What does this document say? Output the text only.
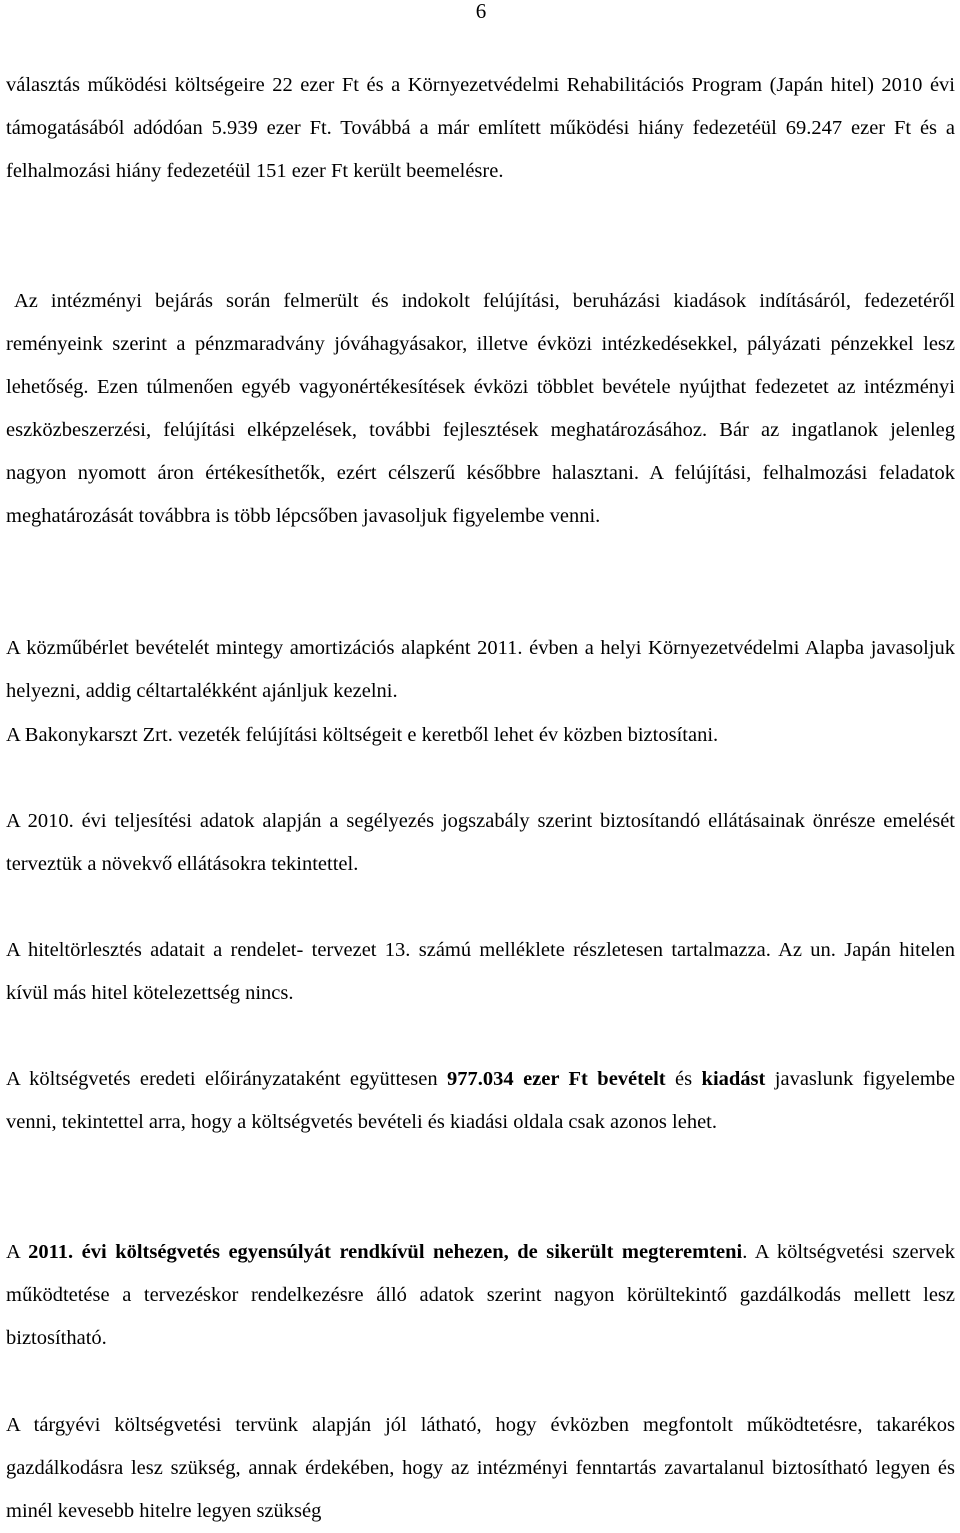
6

választás működési költségeire 22 ezer Ft és a Környezetvédelmi Rehabilitációs Program (Japán hitel) 2010 évi támogatásából adódóan 5.939 ezer Ft. Továbbá a már említett működési hiány fedezetéül 69.247 ezer Ft és a felhalmozási hiány fedezetéül 151 ezer Ft került beemelésre.

Az intézményi bejárás során felmerült és indokolt felújítási, beruházási kiadások indításáról, fedezetéről reményeink szerint a pénzmaradvány jóváhagyásakor, illetve évközi intézkedésekkel, pályázati pénzekkel lesz lehetőség. Ezen túlmenően egyéb vagyonértékesítések évközi többlet bevétele nyújthat fedezetet az intézményi eszközbeszerzési, felújítási elképzelések, további fejlesztések meghatározásához. Bár az ingatlanok jelenleg nagyon nyomott áron értékesíthetők, ezért célszerű későbbre halasztani. A felújítási, felhalmozási feladatok meghatározását továbbra is több lépcsőben javasoljuk figyelembe venni.

A közműbérlet bevételét mintegy amortizációs alapként 2011. évben a helyi Környezetvédelmi Alapba javasoljuk helyezni, addig céltartalékként ajánljuk kezelni.

A Bakonykarszt Zrt. vezeték felújítási költségeit e keretből lehet év közben biztosítani.

A 2010. évi teljesítési adatok alapján a segélyezés jogszabály szerint biztosítandó ellátásainak önrésze emelését terveztük a növekvő ellátásokra tekintettel.

A hiteltörlesztés adatait a rendelet- tervezet 13. számú melléklete részletesen tartalmazza. Az un. Japán hitelen kívül más hitel kötelezettség nincs.

A költségvetés eredeti előirányzataként együttesen 977.034 ezer Ft bevételt és kiadást javaslunk figyelembe venni, tekintettel arra, hogy a költségvetés bevételi és kiadási oldala csak azonos lehet.

A 2011. évi költségvetés egyensúlyát rendkívül nehezen, de sikerült megteremteni. A költségvetési szervek működtetése a tervezéskor rendelkezésre álló adatok szerint nagyon körültekintő gazdálkodás mellett lesz biztosítható.

A tárgyévi költségvetési tervünk alapján jól látható, hogy évközben megfontolt működtetésre, takarékos gazdálkodásra lesz szükség, annak érdekében, hogy az intézményi fenntartás zavartalanul biztosítható legyen és minél kevesebb hitelre legyen szükség
